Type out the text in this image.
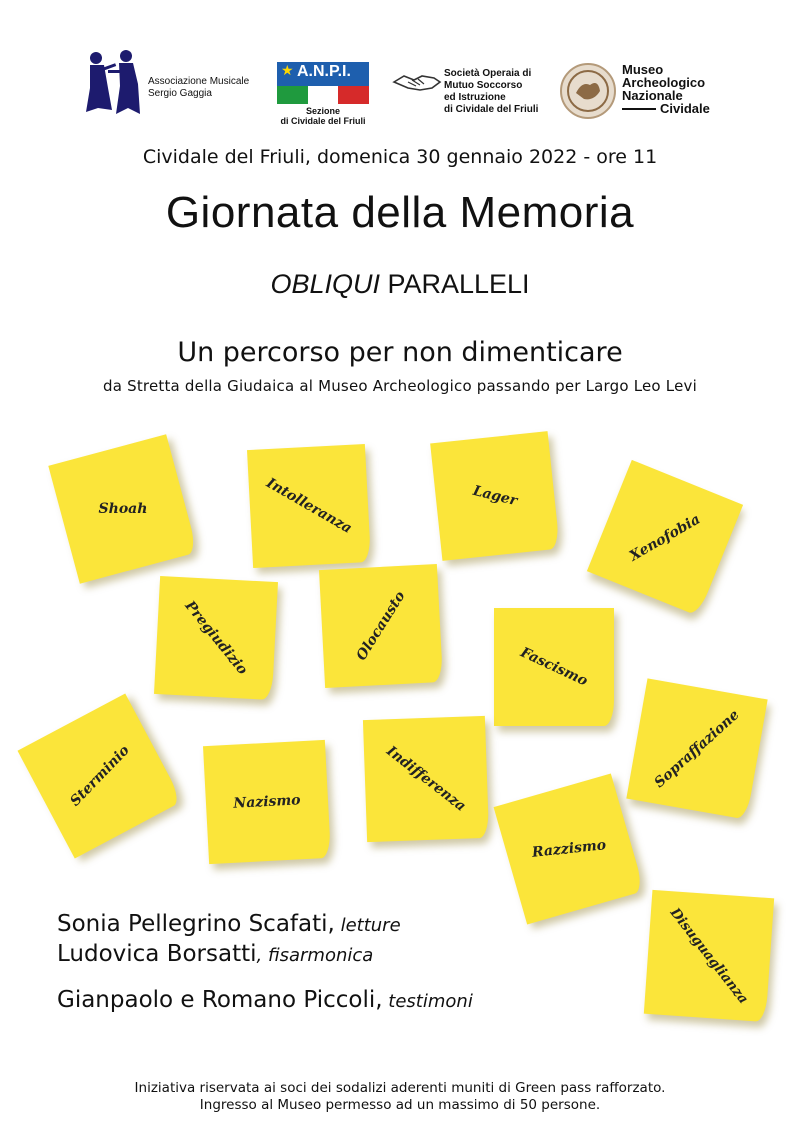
Associazione Musicale
Sergio Gaggia
★ A.N.P.I.
Sezione
di Cividale del Friuli
Società Operaia di
Mutuo Soccorso
ed Istruzione
di Cividale del Friuli
Museo
Archeologico
Nazionale
Cividale
Cividale del Friuli, domenica 30 gennaio 2022 - ore 11
Giornata della Memoria
OBLIQUI PARALLELI
Un percorso per non dimenticare
da Stretta della Giudaica al Museo Archeologico passando per Largo Leo Levi
Shoah	Intolleranza	Lager
Xenofobia
Pregiudizio	Olocausto
Fascismo
Sterminio	Nazismo	Indifferenza	Sopraffazione
Razzismo
Disuguaglianza
Sonia Pellegrino Scafati, letture
Ludovica Borsatti, fisarmonica
Gianpaolo e Romano Piccoli, testimoni
Iniziativa riservata ai soci dei sodalizi aderenti muniti di Green pass rafforzato.
Ingresso al Museo permesso ad un massimo di 50 persone.
